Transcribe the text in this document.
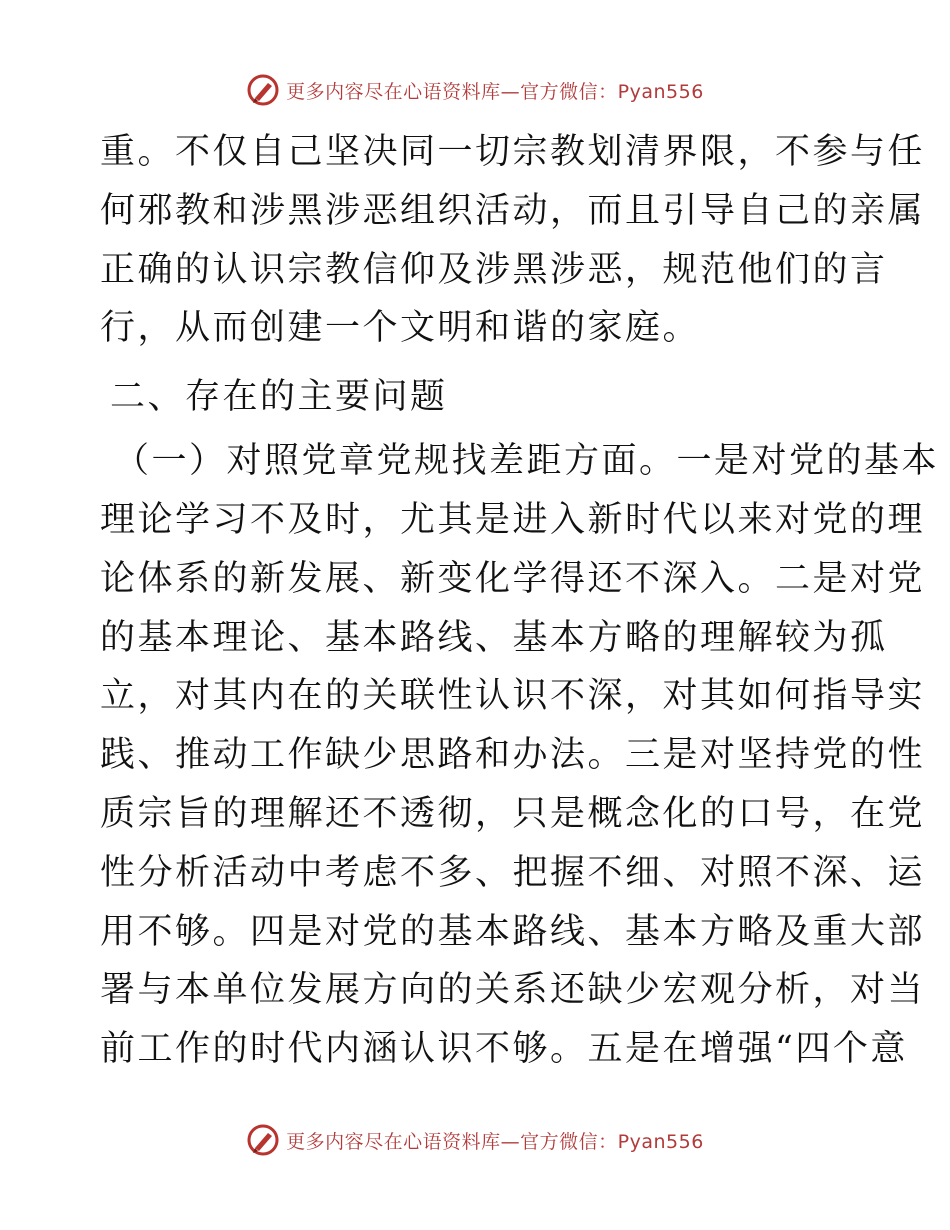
更多内容尽在心语资料库—官方微信：Pyan556
重。不仅自己坚决同一切宗教划清界限，不参与任
何邪教和涉黑涉恶组织活动，而且引导自己的亲属
正确的认识宗教信仰及涉黑涉恶，规范他们的言
行，从而创建一个文明和谐的家庭。
二、存在的主要问题
（一）对照党章党规找差距方面。一是对党的基本
理论学习不及时，尤其是进入新时代以来对党的理
论体系的新发展、新变化学得还不深入。二是对党
的基本理论、基本路线、基本方略的理解较为孤
立，对其内在的关联性认识不深，对其如何指导实
践、推动工作缺少思路和办法。三是对坚持党的性
质宗旨的理解还不透彻，只是概念化的口号，在党
性分析活动中考虑不多、把握不细、对照不深、运
用不够。四是对党的基本路线、基本方略及重大部
署与本单位发展方向的关系还缺少宏观分析，对当
前工作的时代内涵认识不够。五是在增强“四个意
更多内容尽在心语资料库—官方微信：Pyan556
